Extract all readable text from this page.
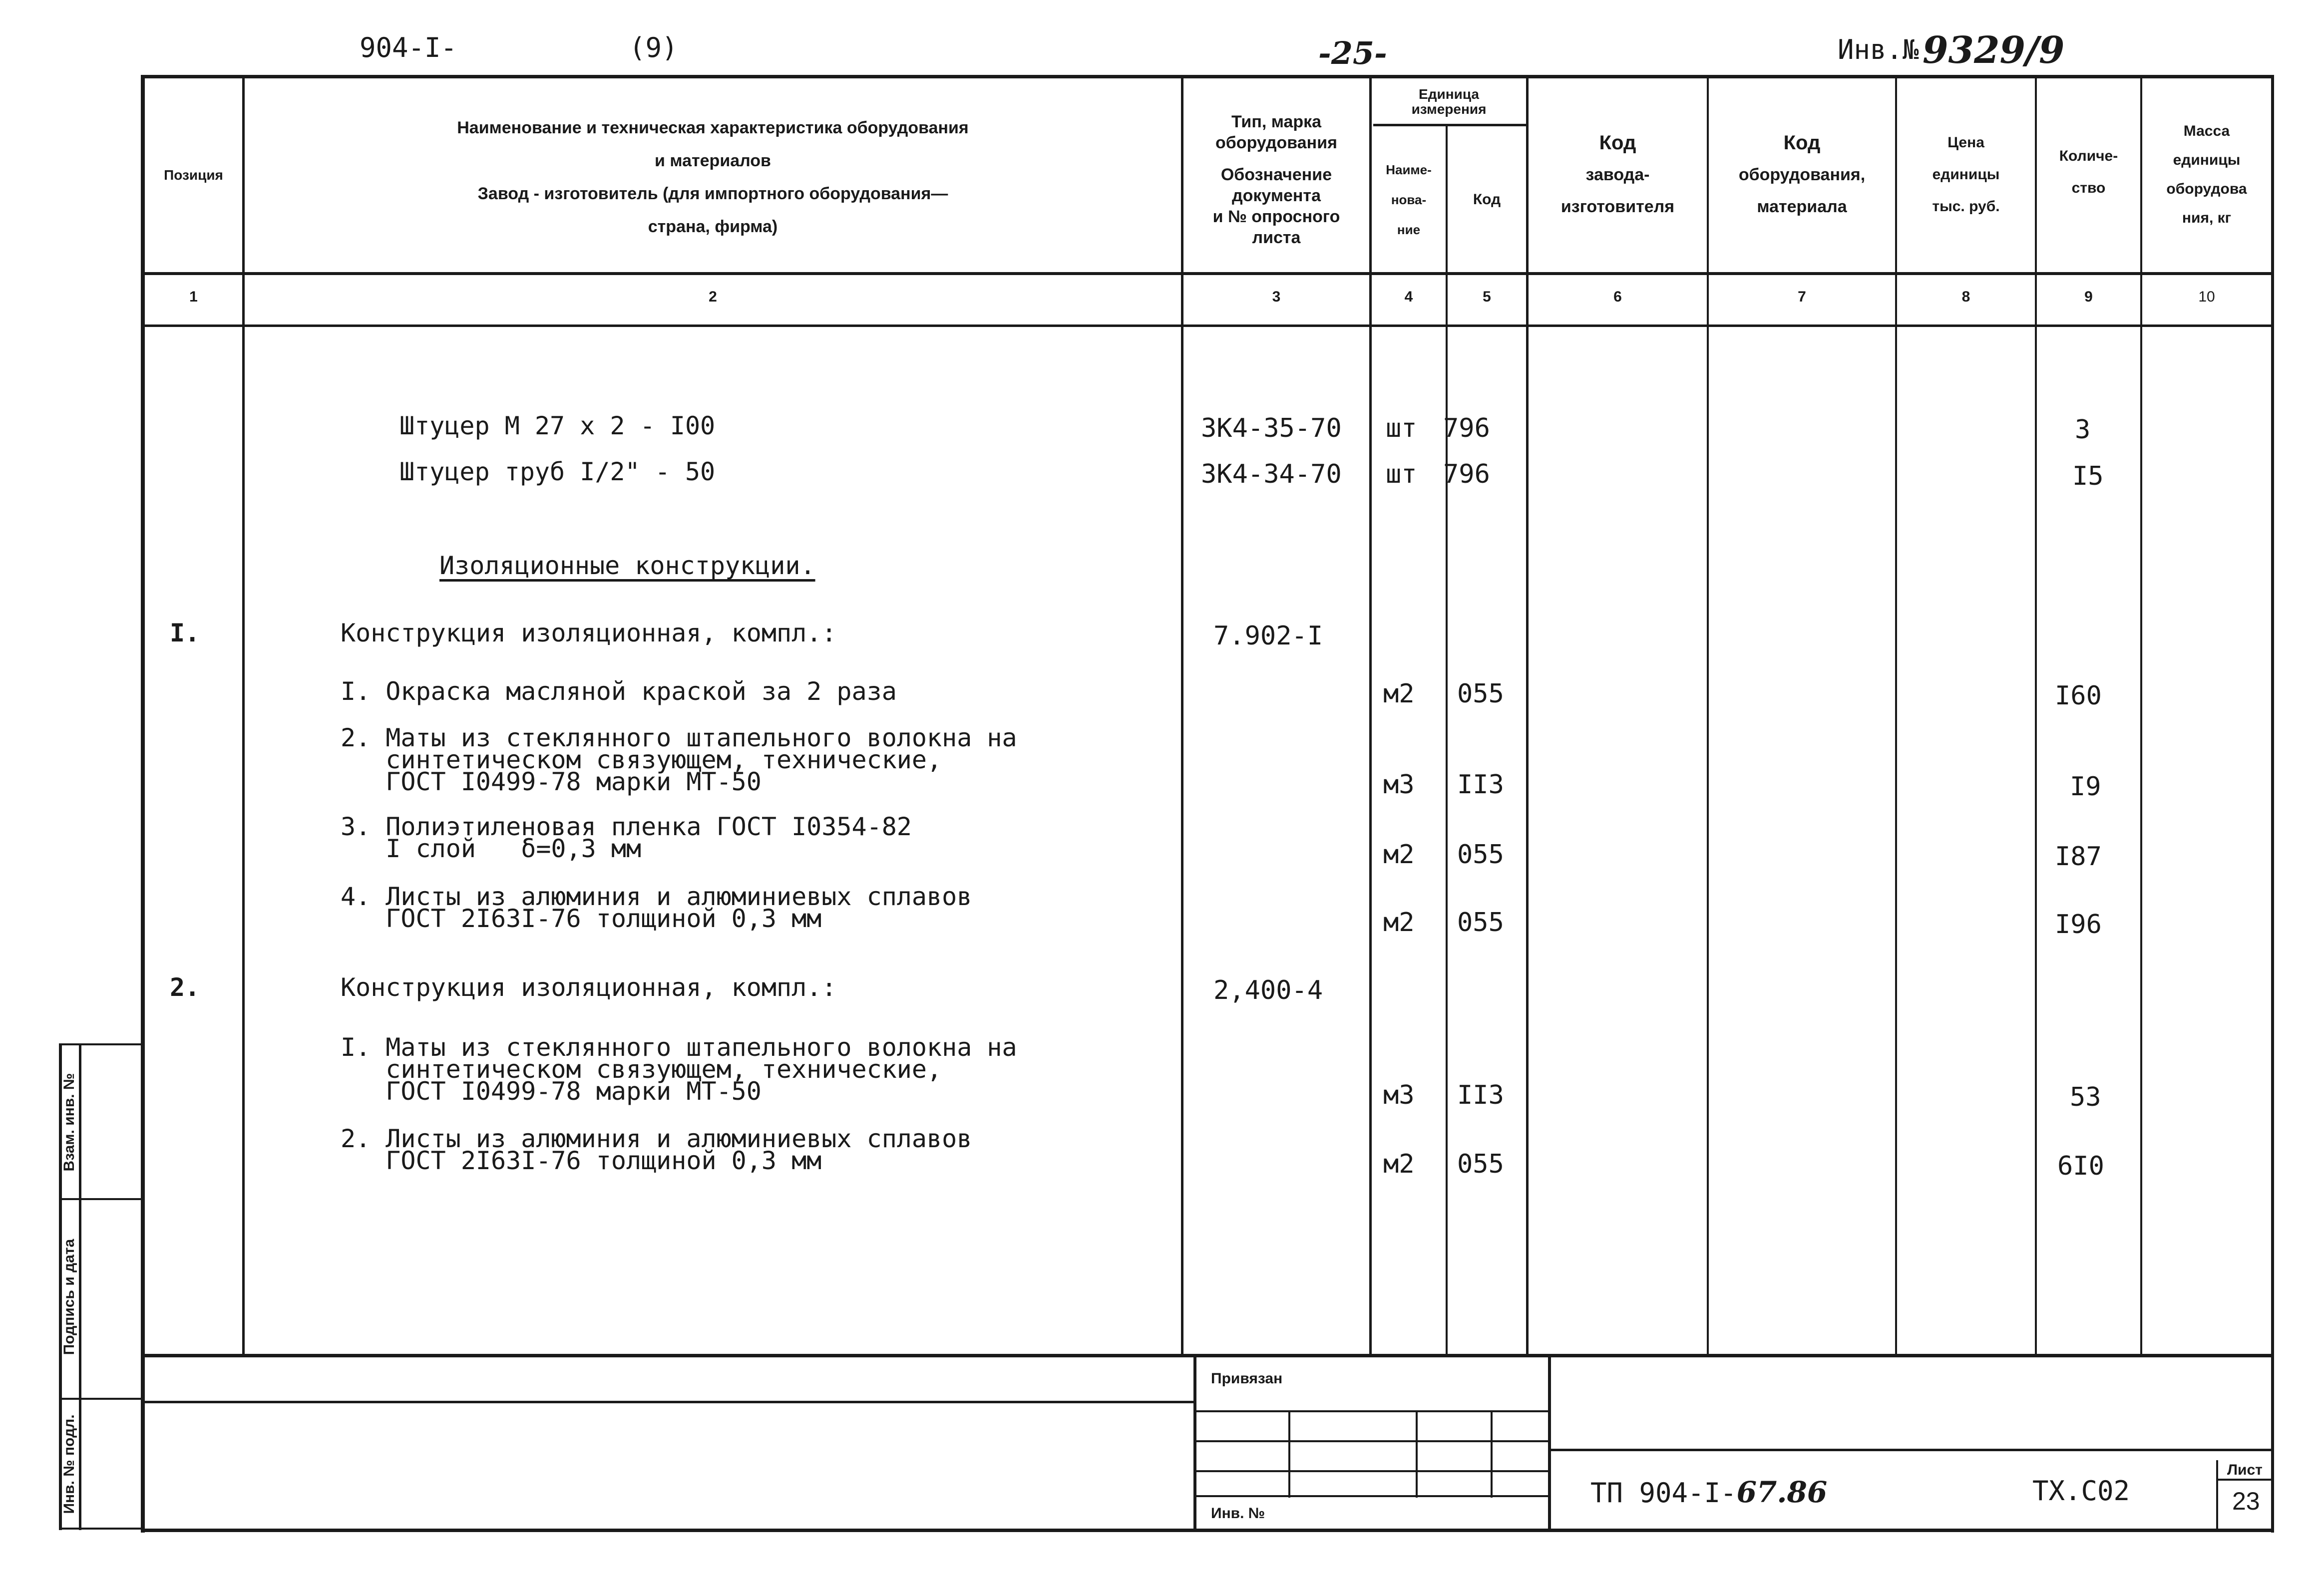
904-I-	(9)	-25-	Инв.№ 9329/9
Позиция
Наименование и техническая характеристика оборудования
и материалов
Завод - изготовитель (для импортного оборудования—
страна, фирма)
Тип, марка
оборудования
Обозначение
документа
и № опросного
листа
Единица
измерения
Наиме-
нова-
ние
Код
Код
завода-
изготовителя
Код
оборудования,
материала
Цена
единицы
тыс. руб.
Количе-
ство
Масса
единицы
оборудова
ния, кг
1	2	3	4	5	6	7	8	9	10
Штуцер М 27 х 2 - I00	3К4-35-70 шт 796	3
Штуцер труб I/2" - 50	3К4-34-70 шт 796	I5
Изоляционные конструкции.
I.	Конструкция изоляционная, компл.:	7.902-I
I. Окраска масляной краской за 2 раза	м2 055	I60
2. Маты из стеклянного штапельного волокна на
синтетическом связующем, технические,
ГОСТ I0499-78 марки МТ-50	м3 II3	I9
3. Полиэтиленовая пленка ГОСТ I0354-82
I слой   δ=0,3 мм	м2 055	I87
4. Листы из алюминия и алюминиевых сплавов
ГОСТ 2I63I-76 толщиной 0,3 мм	м2 055	I96
2.	Конструкция изоляционная, компл.:	2,400-4
I. Маты из стеклянного штапельного волокна на
синтетическом связующем, технические,
ГОСТ I0499-78 марки МТ-50	м3 II3	53
2. Листы из алюминия и алюминиевых сплавов
ГОСТ 2I63I-76 толщиной 0,3 мм	м2 055	6I0
Взам. инв. №
Подпись и дата
Инв. № подл.
Привязан
Инв. №
ТП 904-I-67.86	ТХ.С02
Лист
23
